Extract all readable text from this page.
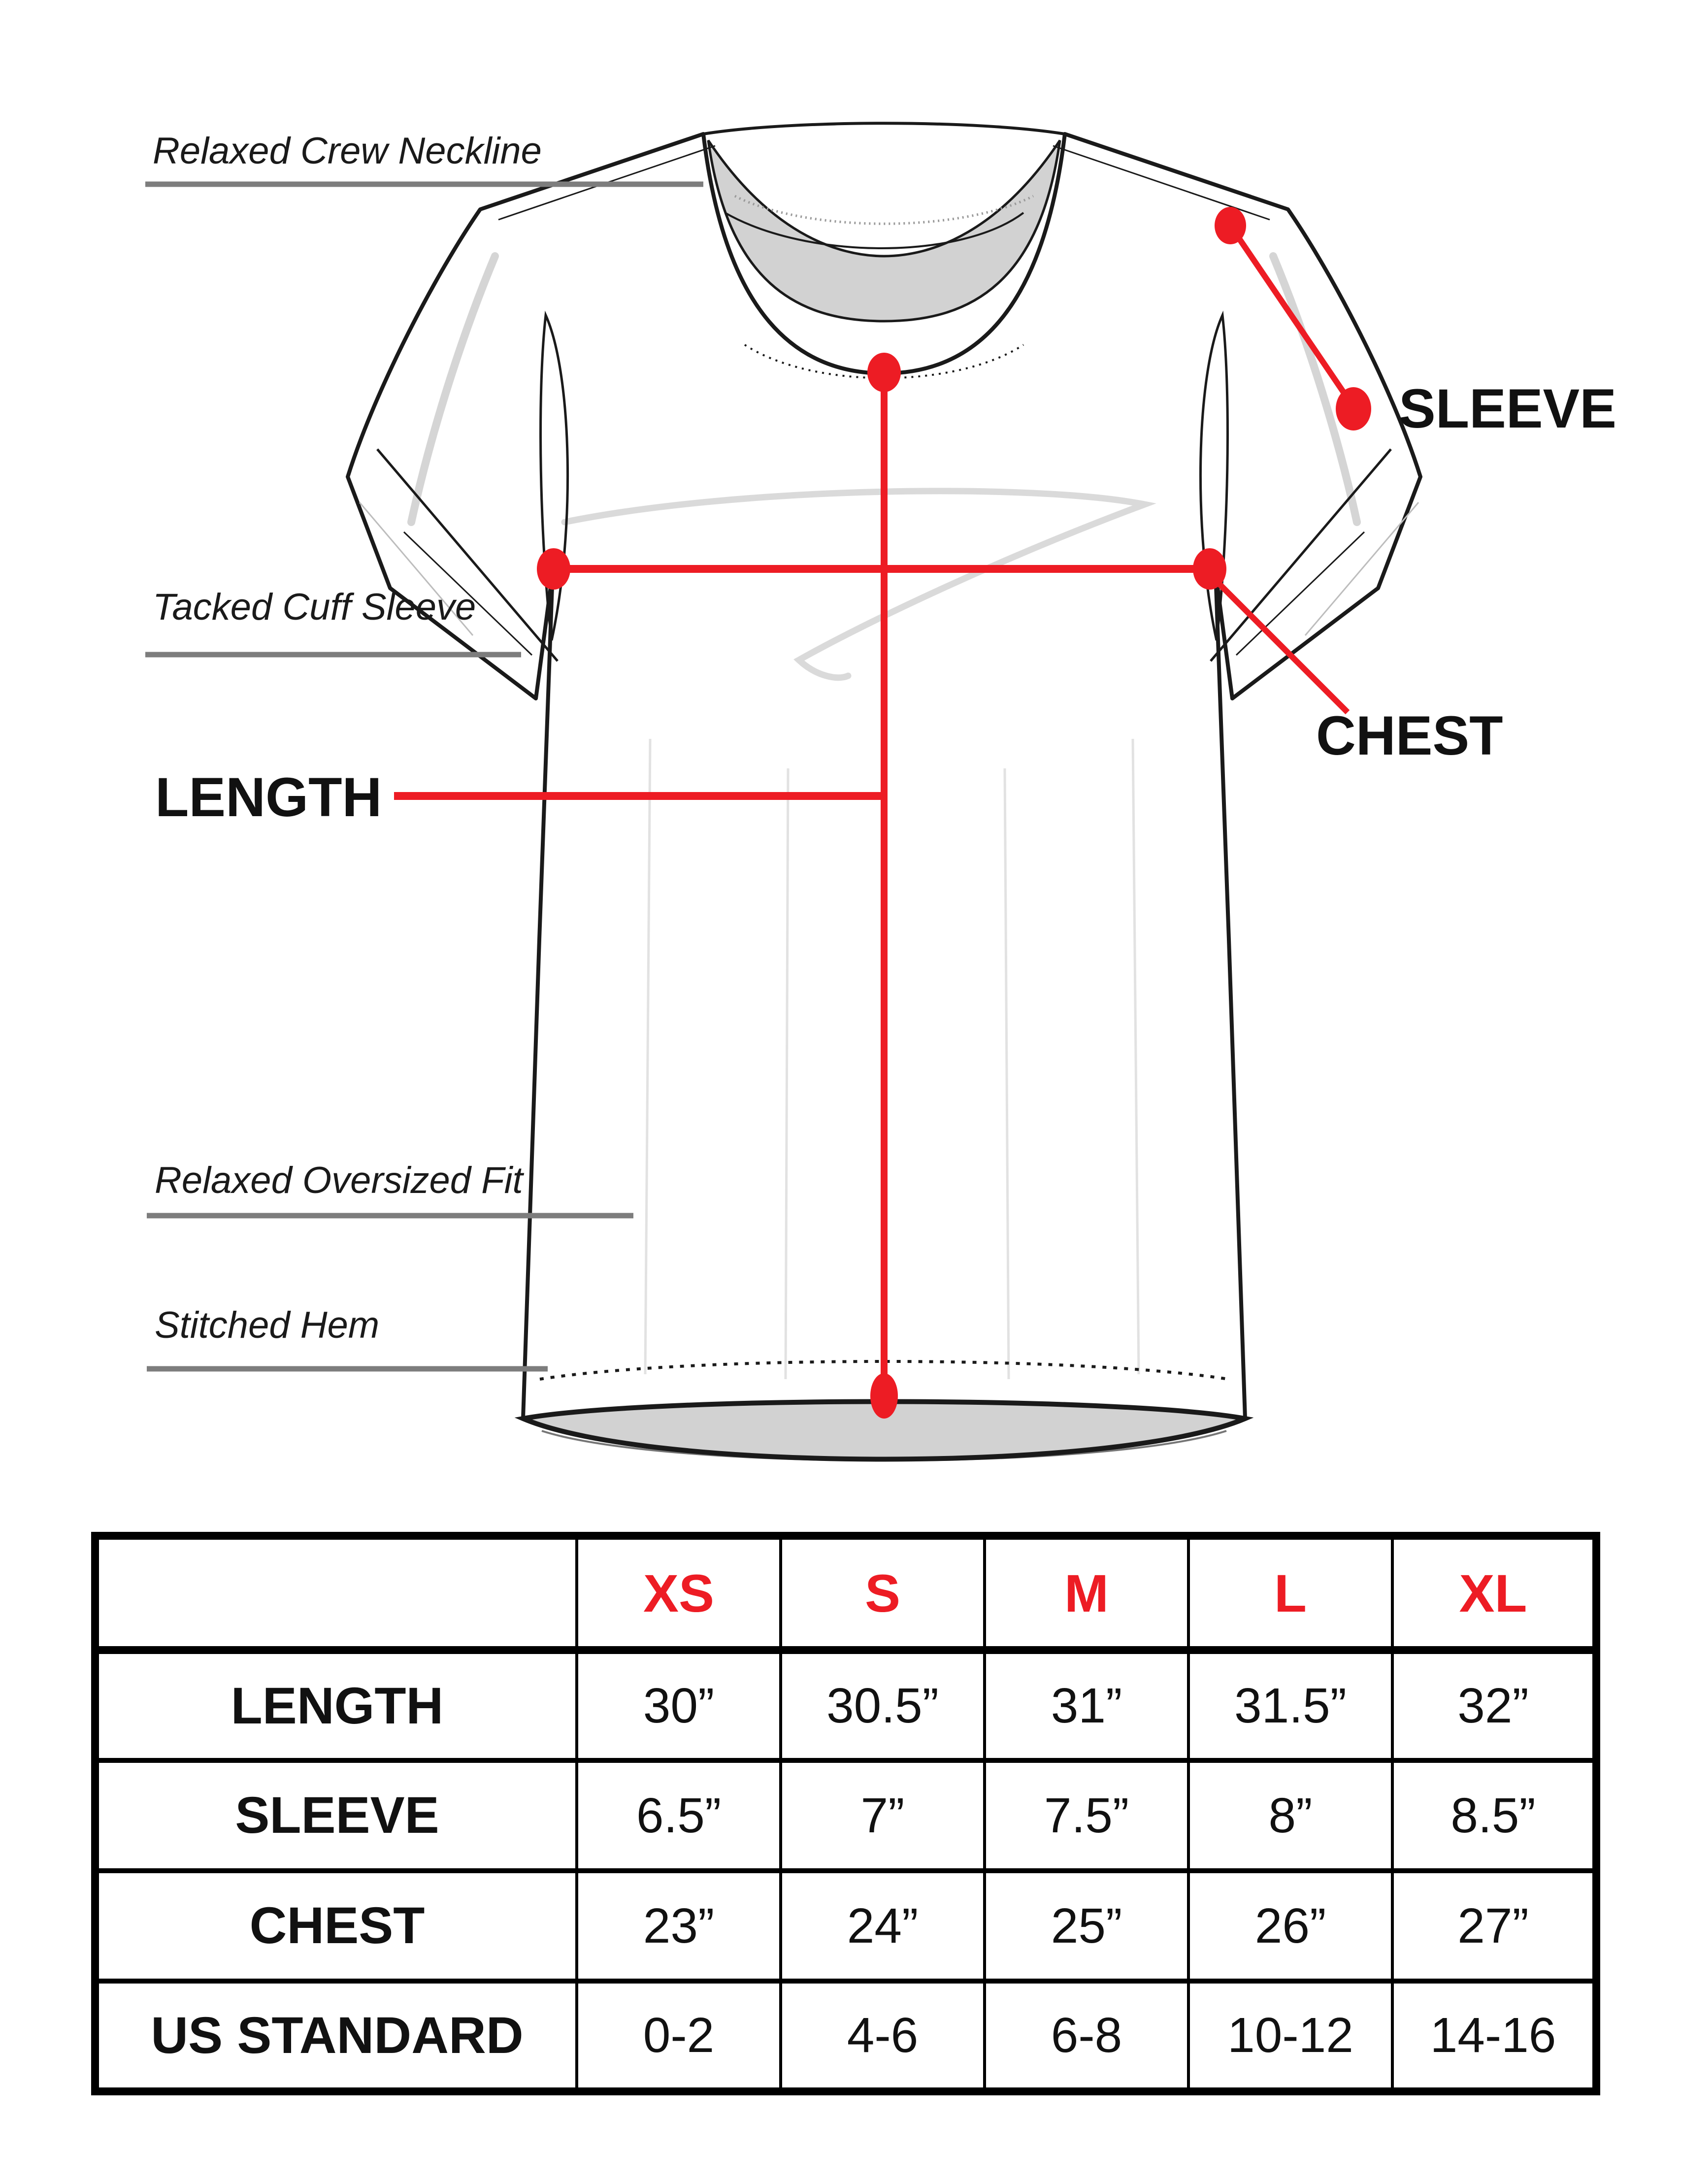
Relaxed Crew Neckline
Tacked Cuff Sleeve
LENGTH
Relaxed Oversized Fit
Stitched Hem
SLEEVE
CHEST
	XS	S	M	L	XL
LENGTH	30”	30.5”	31”	31.5”	32”
SLEEVE	6.5”	7”	7.5”	8”	8.5”
CHEST	23”	24”	25”	26”	27”
US STANDARD	0-2	4-6	6-8	10-12	14-16
